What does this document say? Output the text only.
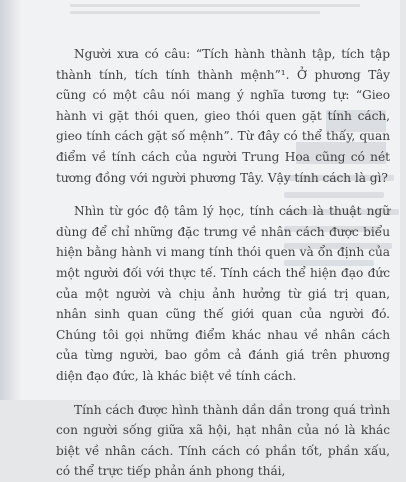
Người xưa có câu: “Tích hành thành tập, tích tập thành tính, tích tính thành mệnh”¹. Ở phương Tây cũng có một câu nói mang ý nghĩa tương tự: “Gieo hành vi gặt thói quen, gieo thói quen gặt tính cách, gieo tính cách gặt số mệnh”. Từ đây có thể thấy, quan điểm về tính cách của người Trung Hoa cũng có nét tương đồng với người phương Tây. Vậy tính cách là gì?

Nhìn từ góc độ tâm lý học, tính cách là thuật ngữ dùng để chỉ những đặc trưng về nhân cách được biểu hiện bằng hành vi mang tính thói quen và ổn định của một người đối với thực tế. Tính cách thể hiện đạo đức của một người và chịu ảnh hưởng từ giá trị quan, nhân sinh quan cũng thế giới quan của người đó. Chúng tôi gọi những điểm khác nhau về nhân cách của từng người, bao gồm cả đánh giá trên phương diện đạo đức, là khác biệt về tính cách.

Tính cách được hình thành dần dần trong quá trình con người sống giữa xã hội, hạt nhân của nó là khác biệt về nhân cách. Tính cách có phần tốt, phần xấu, có thể trực tiếp phản ánh phong thái,
